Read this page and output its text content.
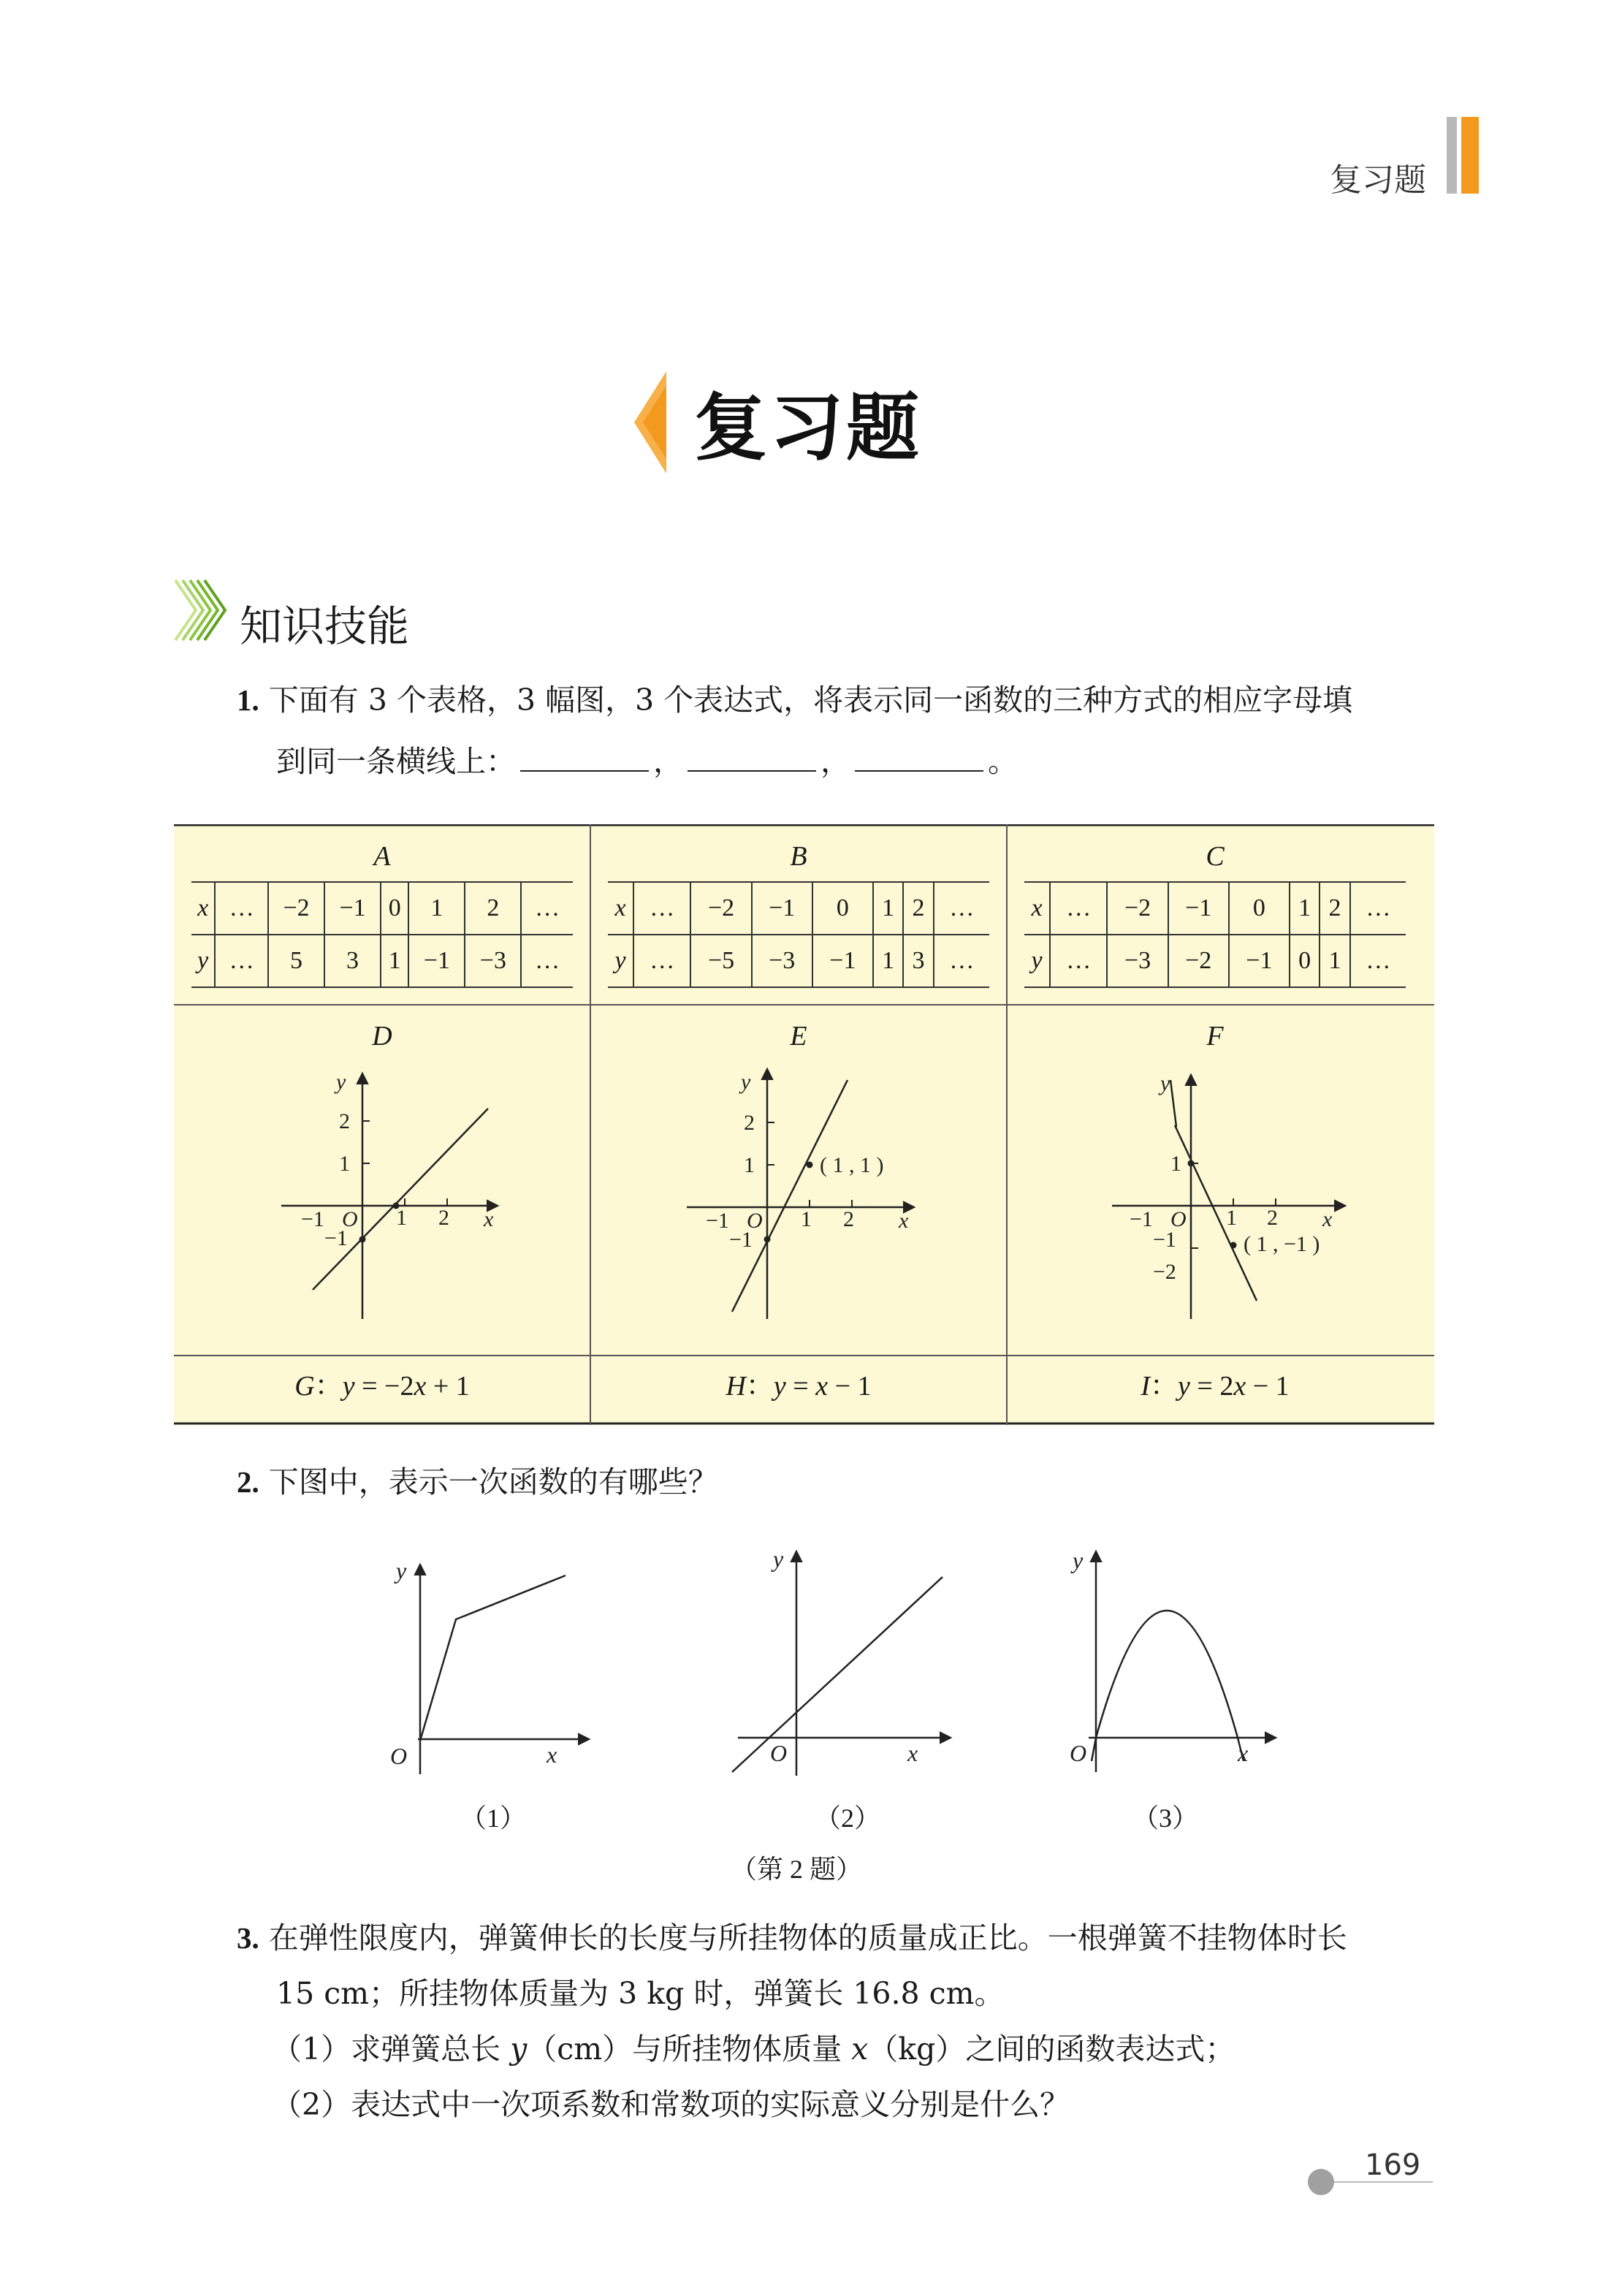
复习题
复习题
知识技能
1. 下面有 3 个表格，3 幅图，3 个表达式，将表示同一函数的三种方式的相应字母填
到同一条横线上：	，	，	。
A	B	C
x	…	−2	−1	0	1	2	…
y	…	5	3	1	−1	−3	…
x	…	−2	−1	0	1	2	…
y	…	−5	−3	−1	1	3	…
x	…	−2	−1	0	1	2	…
y	…	−3	−2	−1	0	1	…
D	E	F
y
x
2
1
O
−1
−1
1 2
y
x
2
1
O
−1
−1
1 2
( 1 , 1 )
y
x
1
O
−1
−1
−2
1 2
( 1 , −1 )
G：y = −2x + 1	H：y = x − 1	I：y = 2x − 1
2. 下图中，表示一次函数的有哪些？
y
x
O
（1）
y
x
O
（2）
y
x
O
（3）
（第 2 题）
3. 在弹性限度内，弹簧伸长的长度与所挂物体的质量成正比。一根弹簧不挂物体时长
15 cm；所挂物体质量为 3 kg 时，弹簧长 16.8 cm。
（1）求弹簧总长 y（cm）与所挂物体质量 x（kg）之间的函数表达式；
（2）表达式中一次项系数和常数项的实际意义分别是什么？
169
